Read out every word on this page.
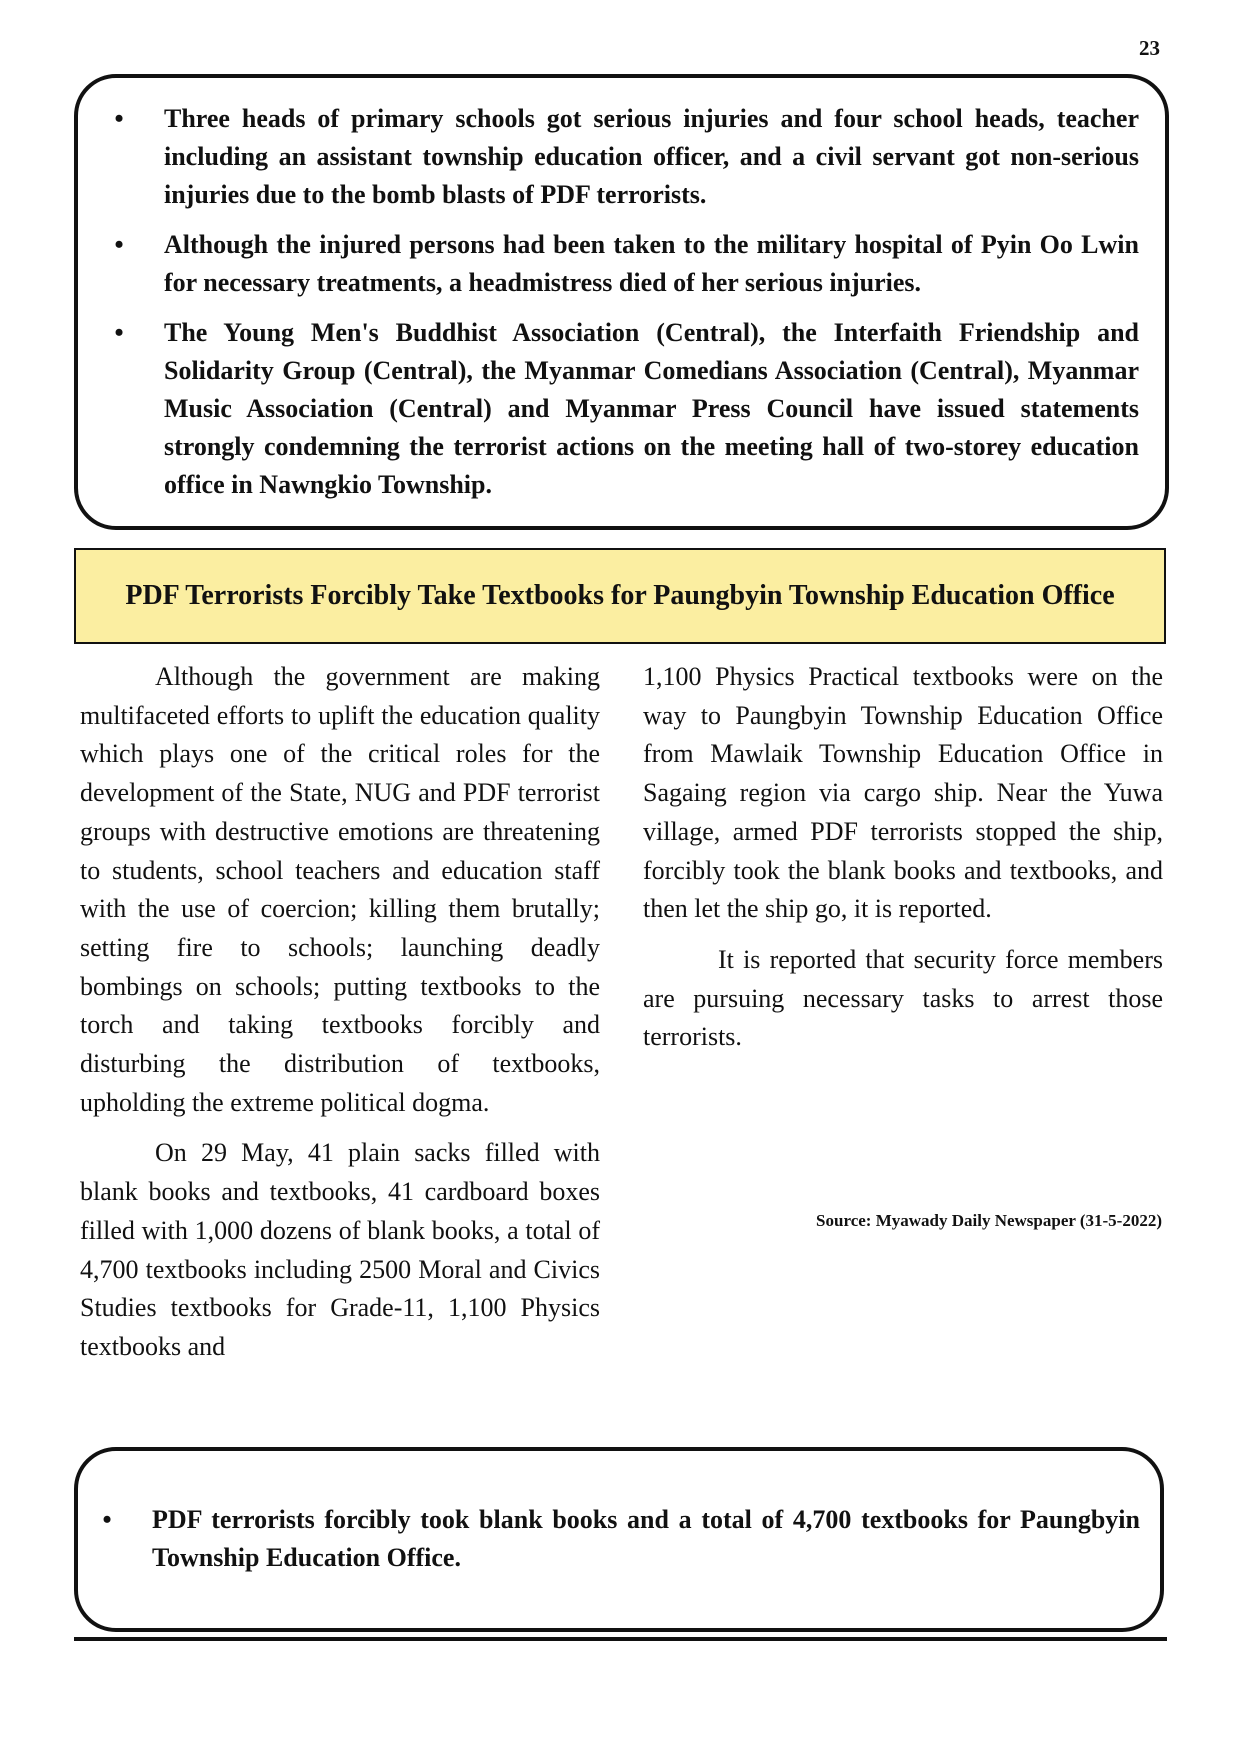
23
•	Three heads of primary schools got serious injuries and four school heads, teacher including an assistant township education officer, and a civil servant got non-serious injuries due to the bomb blasts of PDF terrorists.
•	Although the injured persons had been taken to the military hospital of Pyin Oo Lwin for necessary treatments, a headmistress died of her serious injuries.
•	The Young Men's Buddhist Association (Central), the Interfaith Friendship and Solidarity Group (Central), the Myanmar Comedians Association (Central), Myanmar Music Association (Central) and Myanmar Press Council have issued statements strongly condemning the terrorist actions on the meeting hall of two-storey education office in Nawngkio Township.
PDF Terrorists Forcibly Take Textbooks for Paungbyin Township Education Office

Although the government are making multifaceted efforts to uplift the education quality which plays one of the critical roles for the development of the State, NUG and PDF terrorist groups with destructive emotions are threatening to students, school teachers and education staff with the use of coercion; killing them brutally; setting fire to schools; launching deadly bombings on schools; putting textbooks to the torch and taking textbooks forcibly and disturbing the distribution of textbooks, upholding the extreme political dogma.

On 29 May, 41 plain sacks filled with blank books and textbooks, 41 cardboard boxes filled with 1,000 dozens of blank books, a total of 4,700 textbooks including 2500 Moral and Civics Studies textbooks for Grade-11, 1,100 Physics textbooks and

1,100 Physics Practical textbooks were on the way to Paungbyin Township Education Office from Mawlaik Township Education Office in Sagaing region via cargo ship. Near the Yuwa village, armed PDF terrorists stopped the ship, forcibly took the blank books and textbooks, and then let the ship go, it is reported.

It is reported that security force members are pursuing necessary tasks to arrest those terrorists.

Source: Myawady Daily Newspaper (31-5-2022)
•	PDF terrorists forcibly took blank books and a total of 4,700 textbooks for Paungbyin Township Education Office.
